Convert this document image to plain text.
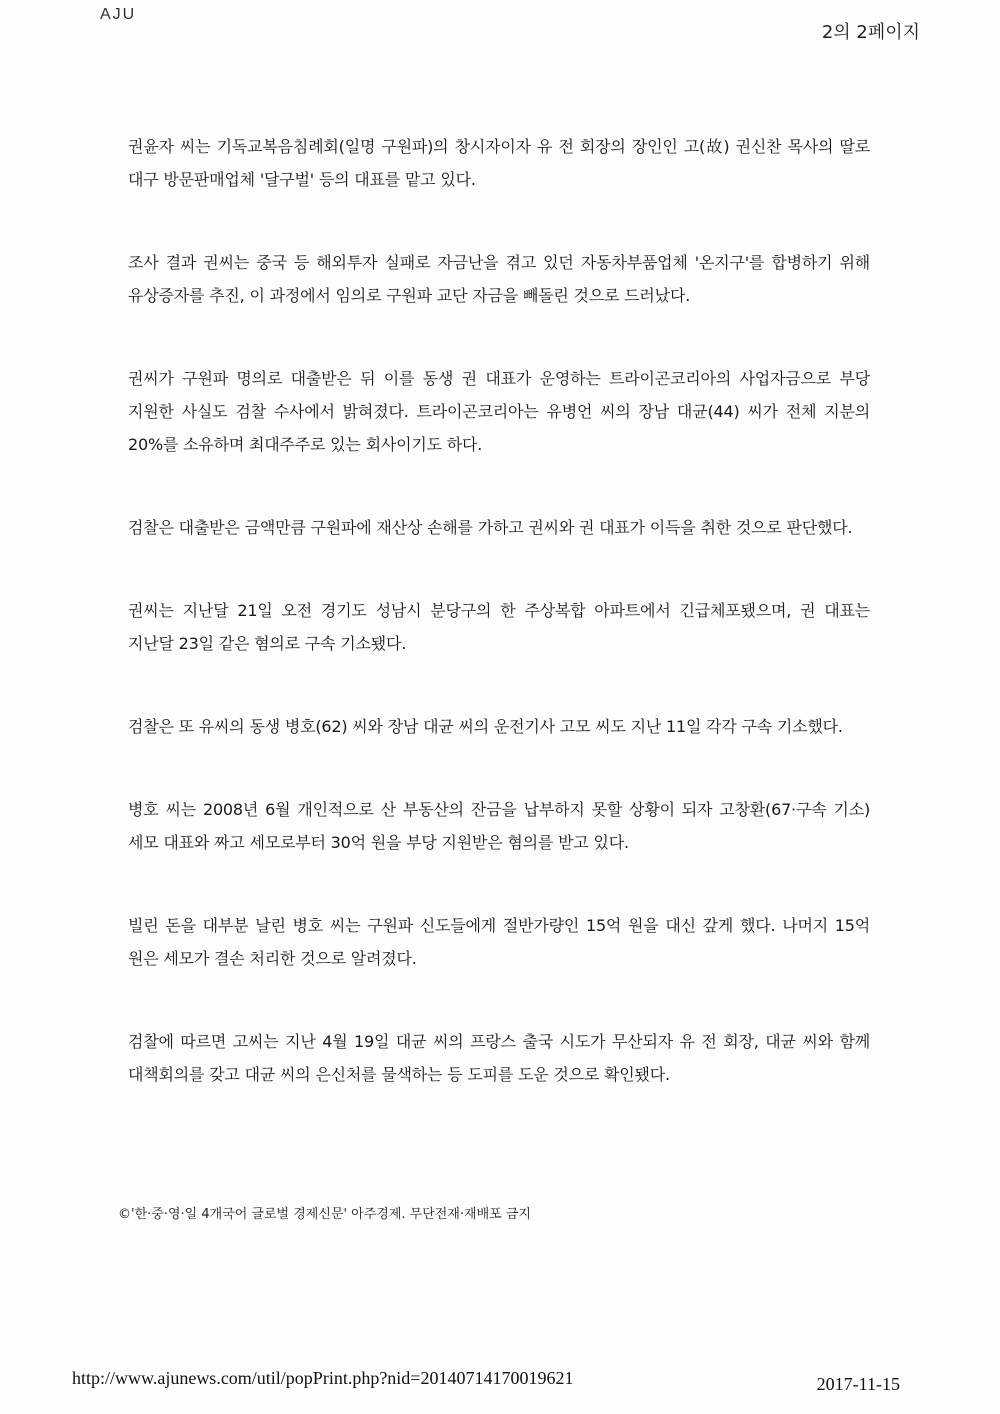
AJU
2의 2페이지

권윤자 씨는 기독교복음침례회(일명 구원파)의 창시자이자 유 전 회장의 장인인 고(故) 권신찬 목사의 딸로 대구 방문판매업체 '달구벌' 등의 대표를 맡고 있다.

조사 결과 권씨는 중국 등 해외투자 실패로 자금난을 겪고 있던 자동차부품업체 '온지구'를 합병하기 위해 유상증자를 추진, 이 과정에서 임의로 구원파 교단 자금을 빼돌린 것으로 드러났다.

권씨가 구원파 명의로 대출받은 뒤 이를 동생 권 대표가 운영하는 트라이곤코리아의 사업자금으로 부당 지원한 사실도 검찰 수사에서 밝혀졌다. 트라이곤코리아는 유병언 씨의 장남 대균(44) 씨가 전체 지분의 20%를 소유하며 최대주주로 있는 회사이기도 하다.

검찰은 대출받은 금액만큼 구원파에 재산상 손해를 가하고 권씨와 권 대표가 이득을 취한 것으로 판단했다.

권씨는 지난달 21일 오전 경기도 성남시 분당구의 한 주상복합 아파트에서 긴급체포됐으며, 권 대표는 지난달 23일 같은 혐의로 구속 기소됐다.

검찰은 또 유씨의 동생 병호(62) 씨와 장남 대균 씨의 운전기사 고모 씨도 지난 11일 각각 구속 기소했다.

병호 씨는 2008년 6월 개인적으로 산 부동산의 잔금을 납부하지 못할 상황이 되자 고창환(67·구속 기소) 세모 대표와 짜고 세모로부터 30억 원을 부당 지원받은 혐의를 받고 있다.

빌린 돈을 대부분 날린 병호 씨는 구원파 신도들에게 절반가량인 15억 원을 대신 갚게 했다. 나머지 15억 원은 세모가 결손 처리한 것으로 알려졌다.

검찰에 따르면 고씨는 지난 4월 19일 대균 씨의 프랑스 출국 시도가 무산되자 유 전 회장, 대균 씨와 함께 대책회의를 갖고 대균 씨의 은신처를 물색하는 등 도피를 도운 것으로 확인됐다.

©'한·중·영·일 4개국어 글로벌 경제신문' 아주경제. 무단전재·재배포 금지
http://www.ajunews.com/util/popPrint.php?nid=20140714170019621	2017-11-15
